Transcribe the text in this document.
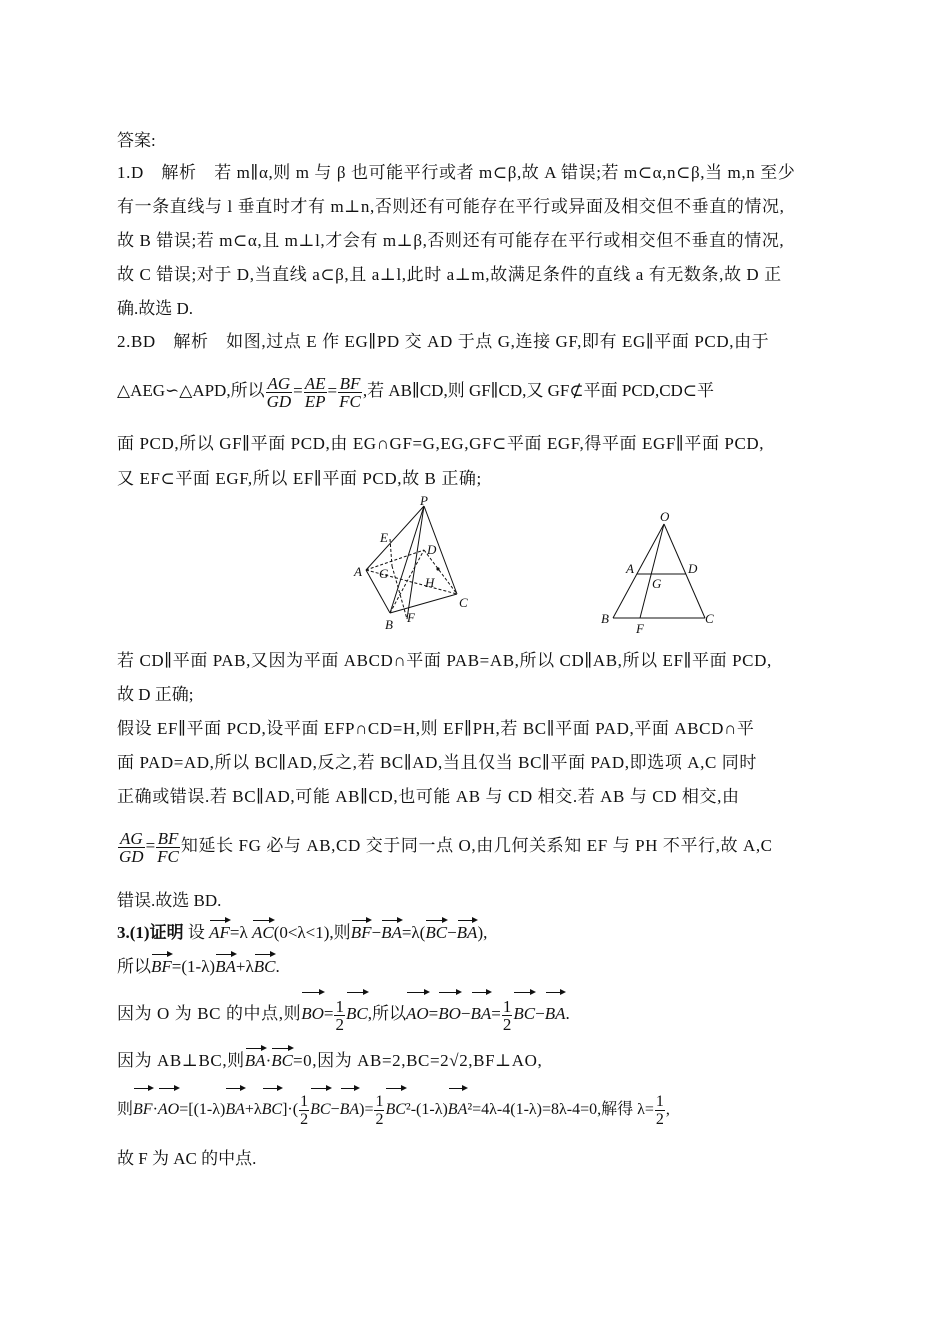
答案:
1.D　解析　若 m∥α,则 m 与 β 也可能平行或者 m⊂β,故 A 错误;若 m⊂α,n⊂β,当 m,n 至少
有一条直线与 l 垂直时才有 m⊥n,否则还有可能存在平行或异面及相交但不垂直的情况,
故 B 错误;若 m⊂α,且 m⊥l,才会有 m⊥β,否则还有可能存在平行或相交但不垂直的情况,
故 C 错误;对于 D,当直线 a⊂β,且 a⊥l,此时 a⊥m,故满足条件的直线 a 有无数条,故 D 正
确.故选 D.
2.BD　解析　如图,过点 E 作 EG∥PD 交 AD 于点 G,连接 GF,即有 EG∥平面 PCD,由于
△AEG∽△APD,所以 $\frac{AG}{GD} = \frac{AE}{EP} = \frac{BF}{FC}$ ,若 AB∥CD,则 GF∥CD,又 GF⊄平面 PCD,CD⊂平
面 PCD,所以 GF∥平面 PCD,由 EG∩GF=G,EG,GF⊂平面 EGF,得平面 EGF∥平面 PCD,
又 EF⊂平面 EGF,所以 EF∥平面 PCD,故 B 正确;
P
E
D
A G
H
C
B F
O
A	D
G
B
F
C
若 CD∥平面 PAB,又因为平面 ABCD∩平面 PAB=AB,所以 CD∥AB,所以 EF∥平面 PCD,
故 D 正确;
假设 EF∥平面 PCD,设平面 EFP∩CD=H,则 EF∥PH,若 BC∥平面 PAD,平面 ABCD∩平
面 PAD=AD,所以 BC∥AD,反之,若 BC∥AD,当且仅当 BC∥平面 PAD,即选项 A,C 同时
正确或错误.若 BC∥AD,可能 AB∥CD,也可能 AB 与 CD 相交.若 AB 与 CD 相交,由
$\frac{AG}{GD} = \frac{BF}{FC}$ 知延长 FG 必与 AB,CD 交于同一点 O,由几何关系知 EF 与 PH 不平行,故 A,C
错误.故选 BD.
3.(1)证明 设 AF=λ AC(0<λ<1),则BF−BA=λ(BC−BA),
所以BF=(1-λ)BA+λBC.
因为 O 为 BC 的中点,则$BO= \frac{1}{2}$ BC,所以$AO=BO-BA= \frac{1}{2} BC-BA$.
因为 AB⊥BC,则BA·BC=0,因为 AB=2,BC=2√2,BF⊥AO,
则$BF\cdot AO=[(1-\lambda)BA+\lambda BC]\cdot( \frac{1}{2} BC-BA)= \frac{1}{2} BC^2-(1-\lambda)BA^2=4\lambda-4(1-\lambda)=8\lambda-4=0$,解得 $\lambda= \frac{1}{2}$ ,
故 F 为 AC 的中点.
